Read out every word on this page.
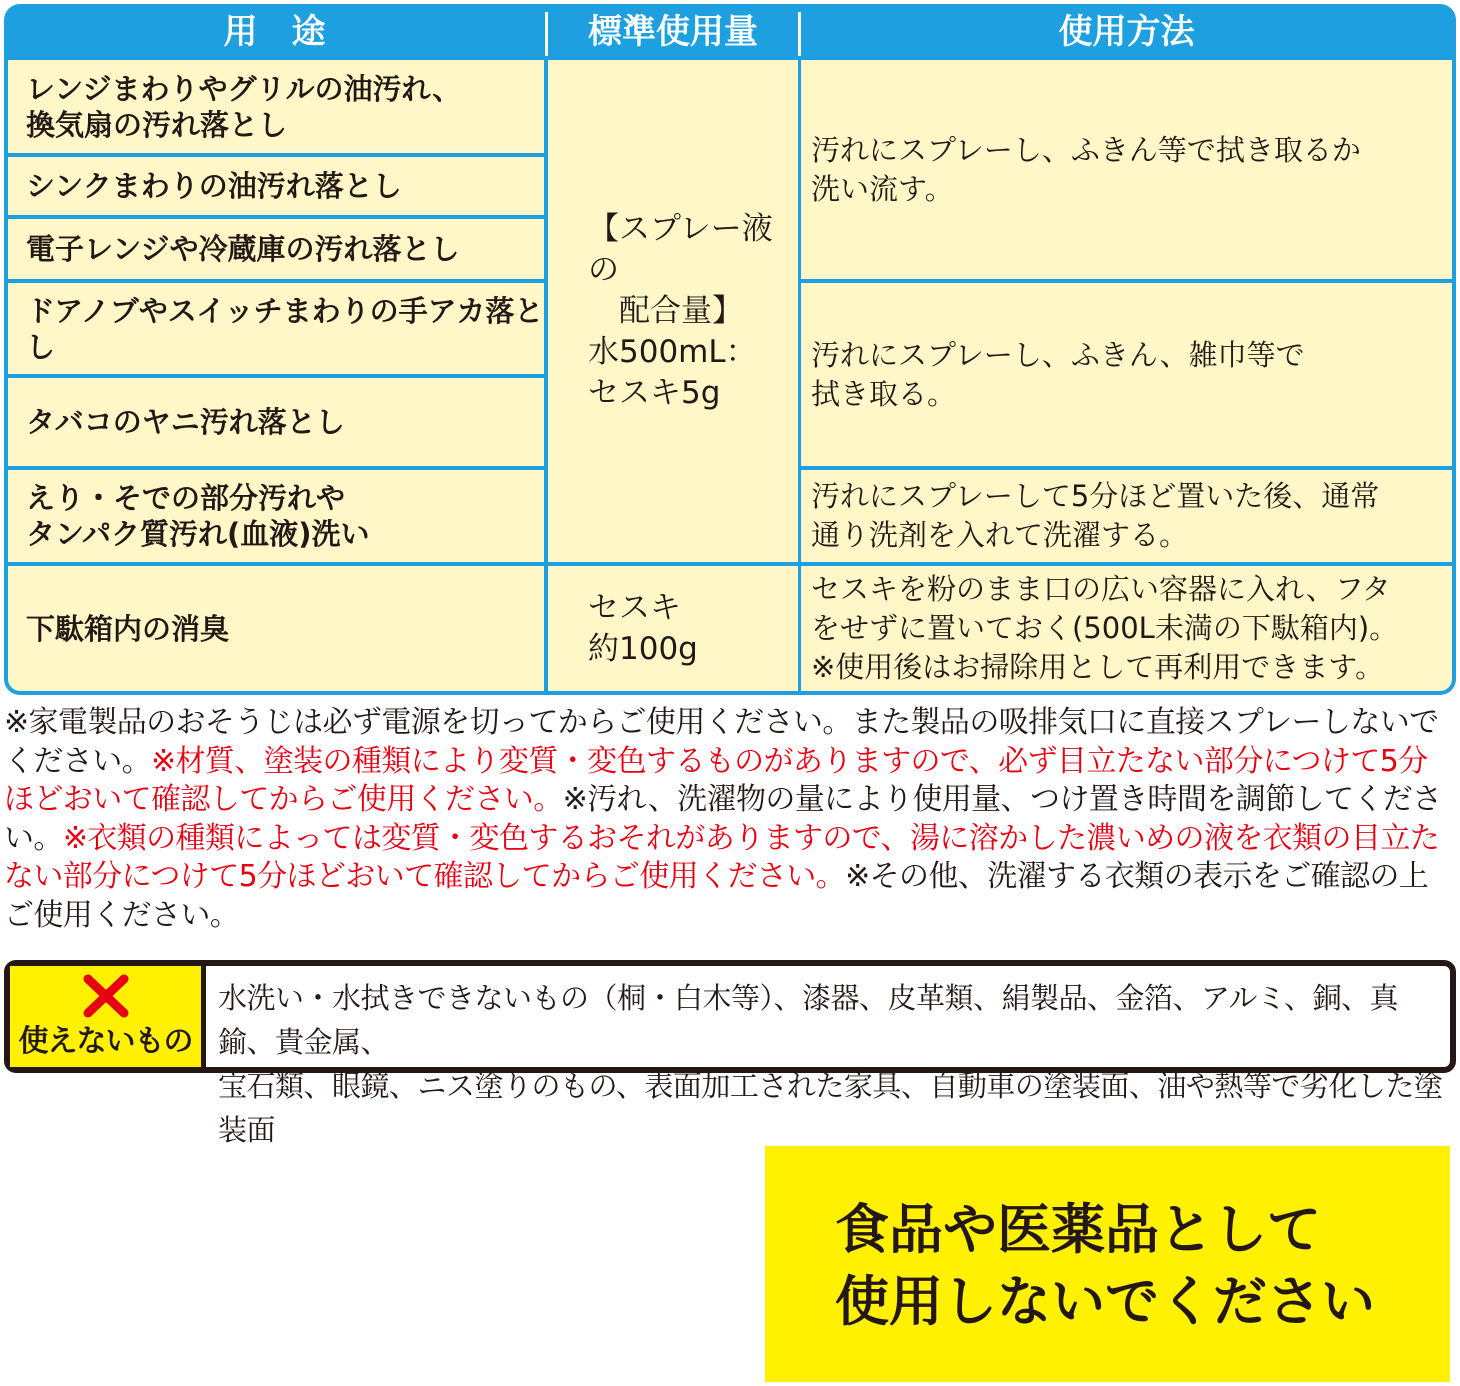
用　途	標準使用量	使用方法
レンジまわりやグリルの油汚れ、
換気扇の汚れ落とし
シンクまわりの油汚れ落とし
電子レンジや冷蔵庫の汚れ落とし
ドアノブやスイッチまわりの手アカ落とし
タバコのヤニ汚れ落とし
えり・そでの部分汚れや
タンパク質汚れ(血液)洗い
下駄箱内の消臭
【スプレー液の
　配合量】
水500mL：
セスキ5g
セスキ
約100g
汚れにスプレーし、ふきん等で拭き取るか
洗い流す。
汚れにスプレーし、ふきん、雑巾等で
拭き取る。
汚れにスプレーして5分ほど置いた後、通常
通り洗剤を入れて洗濯する。
セスキを粉のまま口の広い容器に入れ、フタ
をせずに置いておく(500L未満の下駄箱内)。
※使用後はお掃除用として再利用できます。
※家電製品のおそうじは必ず電源を切ってからご使用ください。また製品の吸排気口に直接スプレーしないでください。※材質、塗装の種類により変質・変色するものがありますので、必ず目立たない部分につけて5分ほどおいて確認してからご使用ください。※汚れ、洗濯物の量により使用量、つけ置き時間を調節してください。※衣類の種類によっては変質・変色するおそれがありますので、湯に溶かした濃いめの液を衣類の目立たない部分につけて5分ほどおいて確認してからご使用ください。※その他、洗濯する衣類の表示をご確認の上ご使用ください。
使えないもの
水洗い・水拭きできないもの（桐・白木等）、漆器、皮革類、絹製品、金箔、アルミ、銅、真鍮、貴金属、
宝石類、眼鏡、ニス塗りのもの、表面加工された家具、自動車の塗装面、油や熱等で劣化した塗装面
食品や医薬品として
使用しないでください
